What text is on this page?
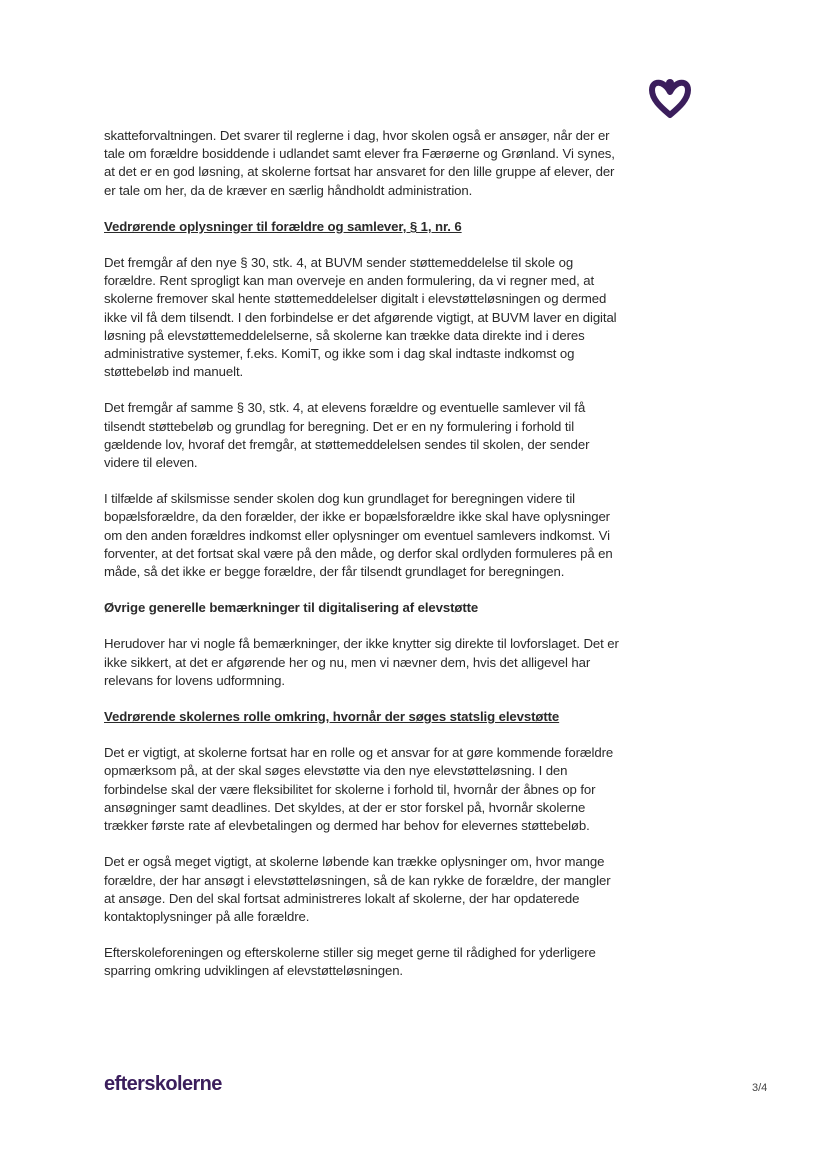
skatteforvaltningen. Det svarer til reglerne i dag, hvor skolen også er ansøger, når der er tale om forældre bosiddende i udlandet samt elever fra Færøerne og Grønland. Vi synes, at det er en god løsning, at skolerne fortsat har ansvaret for den lille gruppe af elever, der er tale om her, da de kræver en særlig håndholdt administration.

Vedrørende oplysninger til forældre og samlever, § 1, nr. 6

Det fremgår af den nye § 30, stk. 4, at BUVM sender støttemeddelelse til skole og forældre. Rent sprogligt kan man overveje en anden formulering, da vi regner med, at skolerne fremover skal hente støttemeddelelser digitalt i elevstøtteløsningen og dermed ikke vil få dem tilsendt. I den forbindelse er det afgørende vigtigt, at BUVM laver en digital løsning på elevstøttemeddelelserne, så skolerne kan trække data direkte ind i deres administrative systemer, f.eks. KomiT, og ikke som i dag skal indtaste indkomst og støttebeløb ind manuelt.

Det fremgår af samme § 30, stk. 4, at elevens forældre og eventuelle samlever vil få tilsendt støttebeløb og grundlag for beregning. Det er en ny formulering i forhold til gældende lov, hvoraf det fremgår, at støttemeddelelsen sendes til skolen, der sender videre til eleven.

I tilfælde af skilsmisse sender skolen dog kun grundlaget for beregningen videre til bopælsforældre, da den forælder, der ikke er bopælsforældre ikke skal have oplysninger om den anden forældres indkomst eller oplysninger om eventuel samlevers indkomst. Vi forventer, at det fortsat skal være på den måde, og derfor skal ordlyden formuleres på en måde, så det ikke er begge forældre, der får tilsendt grundlaget for beregningen.

Øvrige generelle bemærkninger til digitalisering af elevstøtte

Herudover har vi nogle få bemærkninger, der ikke knytter sig direkte til lovforslaget. Det er ikke sikkert, at det er afgørende her og nu, men vi nævner dem, hvis det alligevel har relevans for lovens udformning.

Vedrørende skolernes rolle omkring, hvornår der søges statslig elevstøtte

Det er vigtigt, at skolerne fortsat har en rolle og et ansvar for at gøre kommende forældre opmærksom på, at der skal søges elevstøtte via den nye elevstøtteløsning. I den forbindelse skal der være fleksibilitet for skolerne i forhold til, hvornår der åbnes op for ansøgninger samt deadlines. Det skyldes, at der er stor forskel på, hvornår skolerne trækker første rate af elevbetalingen og dermed har behov for elevernes støttebeløb.

Det er også meget vigtigt, at skolerne løbende kan trække oplysninger om, hvor mange forældre, der har ansøgt i elevstøtteløsningen, så de kan rykke de forældre, der mangler at ansøge. Den del skal fortsat administreres lokalt af skolerne, der har opdaterede kontaktoplysninger på alle forældre.

Efterskoleforeningen og efterskolerne stiller sig meget gerne til rådighed for yderligere sparring omkring udviklingen af elevstøtteløsningen.

efterskolerne	3/4
